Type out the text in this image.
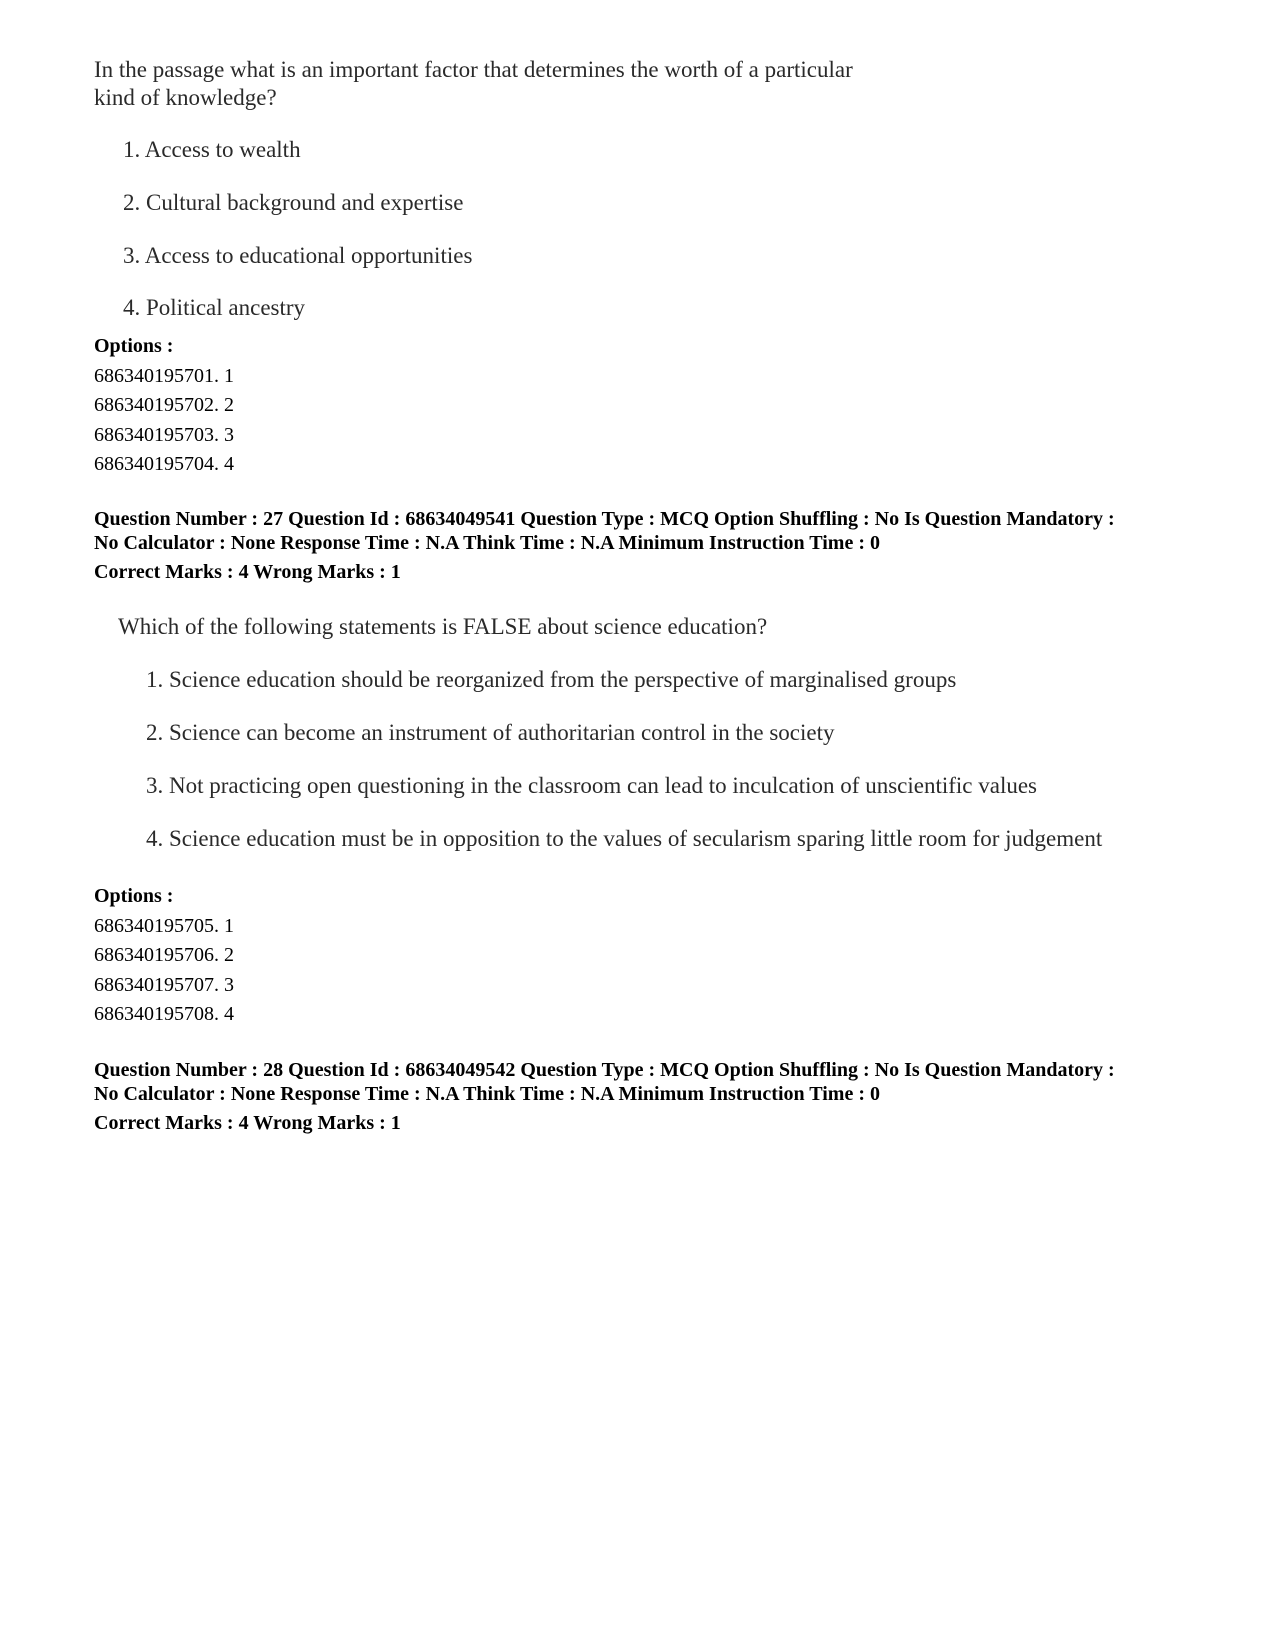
In the passage what is an important factor that determines the worth of a particular
kind of knowledge?

1. Access to wealth
2. Cultural background and expertise
3. Access to educational opportunities
4. Political ancestry
Options :
686340195701. 1
686340195702. 2
686340195703. 3
686340195704. 4
Question Number : 27 Question Id : 68634049541 Question Type : MCQ Option Shuffling : No Is Question Mandatory :
No Calculator : None Response Time : N.A Think Time : N.A Minimum Instruction Time : 0
Correct Marks : 4 Wrong Marks : 1

Which of the following statements is FALSE about science education?

1. Science education should be reorganized from the perspective of marginalised groups
2. Science can become an instrument of authoritarian control in the society
3. Not practicing open questioning in the classroom can lead to inculcation of unscientific values
4. Science education must be in opposition to the values of secularism sparing little room for judgement
Options :
686340195705. 1
686340195706. 2
686340195707. 3
686340195708. 4
Question Number : 28 Question Id : 68634049542 Question Type : MCQ Option Shuffling : No Is Question Mandatory :
No Calculator : None Response Time : N.A Think Time : N.A Minimum Instruction Time : 0
Correct Marks : 4 Wrong Marks : 1
